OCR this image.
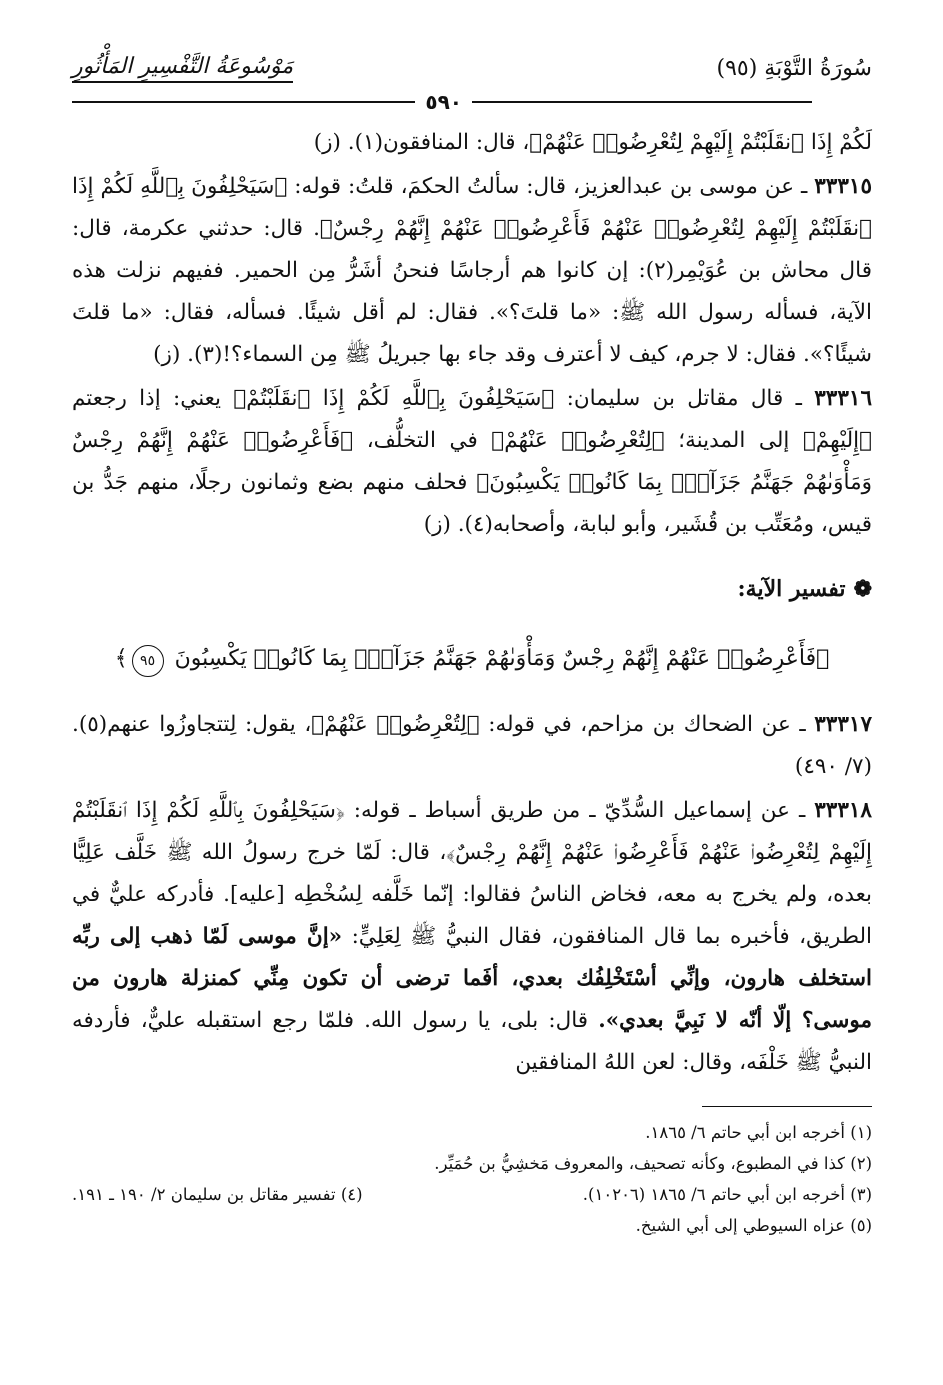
سُورَةُ التَّوْبَةِ (٩٥)
مَوْسُوعَةُ التَّفْسِيرِ المَأْثُورِ
٥٩٠

لَكُمْ إِذَا ٱنقَلَبْتُمْ إِلَيْهِمْ لِتُعْرِضُوا۟ عَنْهُمْ﴾، قال: المنافقون(١). (ز)

٣٣٣١٥ ـ عن موسى بن عبدالعزيز، قال: سألتُ الحكمَ، قلتُ: قوله: ﴿سَيَحْلِفُونَ بِٱللَّهِ لَكُمْ إِذَا ٱنقَلَبْتُمْ إِلَيْهِمْ لِتُعْرِضُوا۟ عَنْهُمْ فَأَعْرِضُوا۟ عَنْهُمْ إِنَّهُمْ رِجْسٌ﴾. قال: حدثني عكرمة، قال: قال محاش بن عُوَيْمِر(٢): إن كانوا هم أرجاسًا فنحنُ أشَرُّ مِن الحمير. ففيهم نزلت هذه الآية، فسأله رسول الله ﷺ: «ما قلتَ؟». فقال: لم أقل شيئًا. فسأله، فقال: «ما قلتَ شيئًا؟». فقال: لا جرم، كيف لا أعترف وقد جاء بها جبريلُ ﷺ مِن السماء؟!(٣). (ز)

٣٣٣١٦ ـ قال مقاتل بن سليمان: ﴿سَيَحْلِفُونَ بِٱللَّهِ لَكُمْ إِذَا ٱنقَلَبْتُمْ﴾ يعني: إذا رجعتم ﴿إِلَيْهِمْ﴾ إلى المدينة؛ ﴿لِتُعْرِضُوا۟ عَنْهُمْ﴾ في التخلُّف، ﴿فَأَعْرِضُوا۟ عَنْهُمْ إِنَّهُمْ رِجْسٌ وَمَأْوَىٰهُمْ جَهَنَّمُ جَزَآءًۢ بِمَا كَانُوا۟ يَكْسِبُونَ﴾ فحلف منهم بضع وثمانون رجلًا، منهم جَدُّ بن قيس، ومُعَتِّب بن قُشَير، وأبو لبابة، وأصحابه(٤). (ز)

❁تفسير الآية:
﴿فَأَعْرِضُوا۟ عَنْهُمْ إِنَّهُمْ رِجْسٌ وَمَأْوَىٰهُمْ جَهَنَّمُ جَزَآءًۢ بِمَا كَانُوا۟ يَكْسِبُونَ ٩٥﴾

٣٣٣١٧ ـ عن الضحاك بن مزاحم، في قوله: ﴿لِتُعْرِضُوا۟ عَنْهُمْ﴾، يقول: لِتتجاوزُوا عنهم(٥). (٧/ ٤٩٠)

٣٣٣١٨ ـ عن إسماعيل السُّدِّيّ ـ من طريق أسباط ـ قوله: ﴿سَيَحْلِفُونَ بِٱللَّهِ لَكُمْ إِذَا ٱنقَلَبْتُمْ إِلَيْهِمْ لِتُعْرِضُوا۟ عَنْهُمْ فَأَعْرِضُوا۟ عَنْهُمْ إِنَّهُمْ رِجْسٌ﴾، قال: لَمّا خرج رسولُ الله ﷺ خَلَّف عَلِيًّا بعده، ولم يخرج به معه، فخاض الناسُ فقالوا: إنّما خَلَّفه لِسُخْطِه [عليه]. فأدركه عليٌّ في الطريق، فأخبره بما قال المنافقون، فقال النبيُّ ﷺ لِعَلِيٍّ: «إنَّ موسى لَمّا ذهب إلى ربِّه استخلف هارون، وإنِّي أسْتَخْلِفُك بعدي، أفَما ترضى أن تكون مِنِّي كمنزلة هارون من موسى؟ إلّا أنّه لا نَبِيَّ بعدي». قال: بلى، يا رسول الله. فلمّا رجع استقبله عليٌّ، فأردفه النبيُّ ﷺ خَلْفَه، وقال: لعن اللهُ المنافقين

(١) أخرجه ابن أبي حاتم ٦/ ١٨٦٥.
(٢) كذا في المطبوع، وكأنه تصحيف، والمعروف مَخشِيُّ بن حُمَيِّر.
(٣) أخرجه ابن أبي حاتم ٦/ ١٨٦٥ (١٠٢٠٦).
(٤) تفسير مقاتل بن سليمان ٢/ ١٩٠ ـ ١٩١.
(٥) عزاه السيوطي إلى أبي الشيخ.
